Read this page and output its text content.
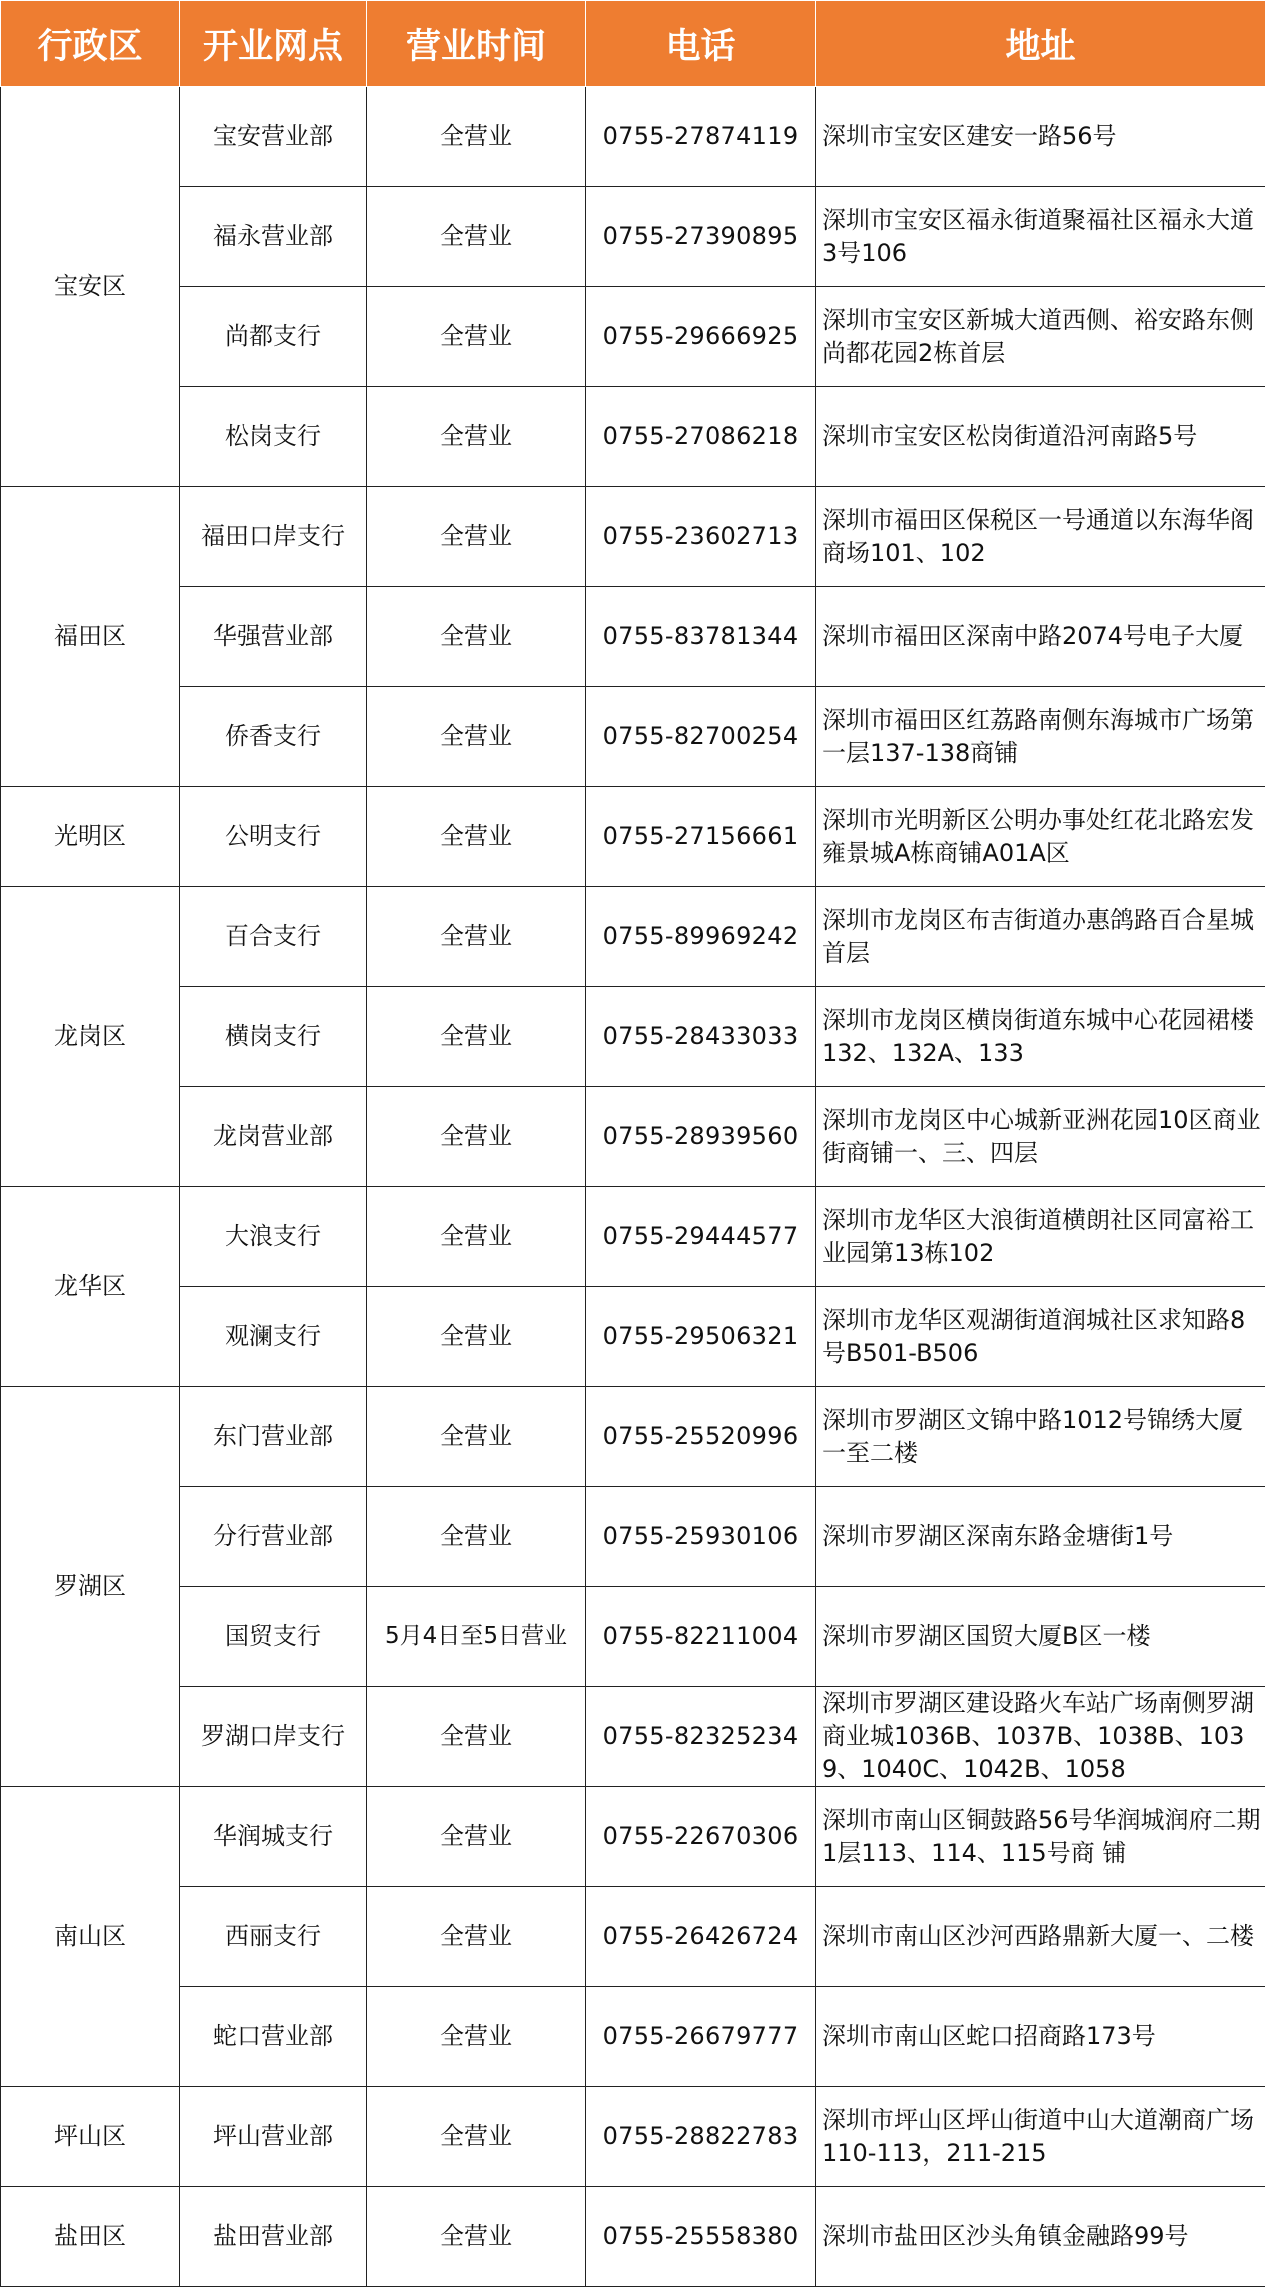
行政区	开业网点	营业时间	电话	地址
宝安区	宝安营业部	全营业	0755-27874119	深圳市宝安区建安一路56号
	福永营业部	全营业	0755-27390895	深圳市宝安区福永街道聚福社区福永大道3号106
	尚都支行	全营业	0755-29666925	深圳市宝安区新城大道西侧、裕安路东侧尚都花园2栋首层
	松岗支行	全营业	0755-27086218	深圳市宝安区松岗街道沿河南路5号
福田区	福田口岸支行	全营业	0755-23602713	深圳市福田区保税区一号通道以东海华阁商场101、102
	华强营业部	全营业	0755-83781344	深圳市福田区深南中路2074号电子大厦
	侨香支行	全营业	0755-82700254	深圳市福田区红荔路南侧东海城市广场第一层137-138商铺
光明区	公明支行	全营业	0755-27156661	深圳市光明新区公明办事处红花北路宏发雍景城A栋商铺A01A区
龙岗区	百合支行	全营业	0755-89969242	深圳市龙岗区布吉街道办惠鸽路百合星城首层
	横岗支行	全营业	0755-28433033	深圳市龙岗区横岗街道东城中心花园裙楼132、132A、133
	龙岗营业部	全营业	0755-28939560	深圳市龙岗区中心城新亚洲花园10区商业街商铺一、三、四层
龙华区	大浪支行	全营业	0755-29444577	深圳市龙华区大浪街道横朗社区同富裕工业园第13栋102
	观澜支行	全营业	0755-29506321	深圳市龙华区观湖街道润城社区求知路8号B501-B506
罗湖区	东门营业部	全营业	0755-25520996	深圳市罗湖区文锦中路1012号锦绣大厦一至二楼
	分行营业部	全营业	0755-25930106	深圳市罗湖区深南东路金塘街1号
	国贸支行	5月4日至5日营业	0755-82211004	深圳市罗湖区国贸大厦B区一楼
	罗湖口岸支行	全营业	0755-82325234	深圳市罗湖区建设路火车站广场南侧罗湖商业城1036B、1037B、1038B、1039、1040C、1042B、1058
南山区	华润城支行	全营业	0755-22670306	深圳市南山区铜鼓路56号华润城润府二期1层113、114、115号商 铺
	西丽支行	全营业	0755-26426724	深圳市南山区沙河西路鼎新大厦一、二楼
	蛇口营业部	全营业	0755-26679777	深圳市南山区蛇口招商路173号
坪山区	坪山营业部	全营业	0755-28822783	深圳市坪山区坪山街道中山大道潮商广场110-113，211-215
盐田区	盐田营业部	全营业	0755-25558380	深圳市盐田区沙头角镇金融路99号
